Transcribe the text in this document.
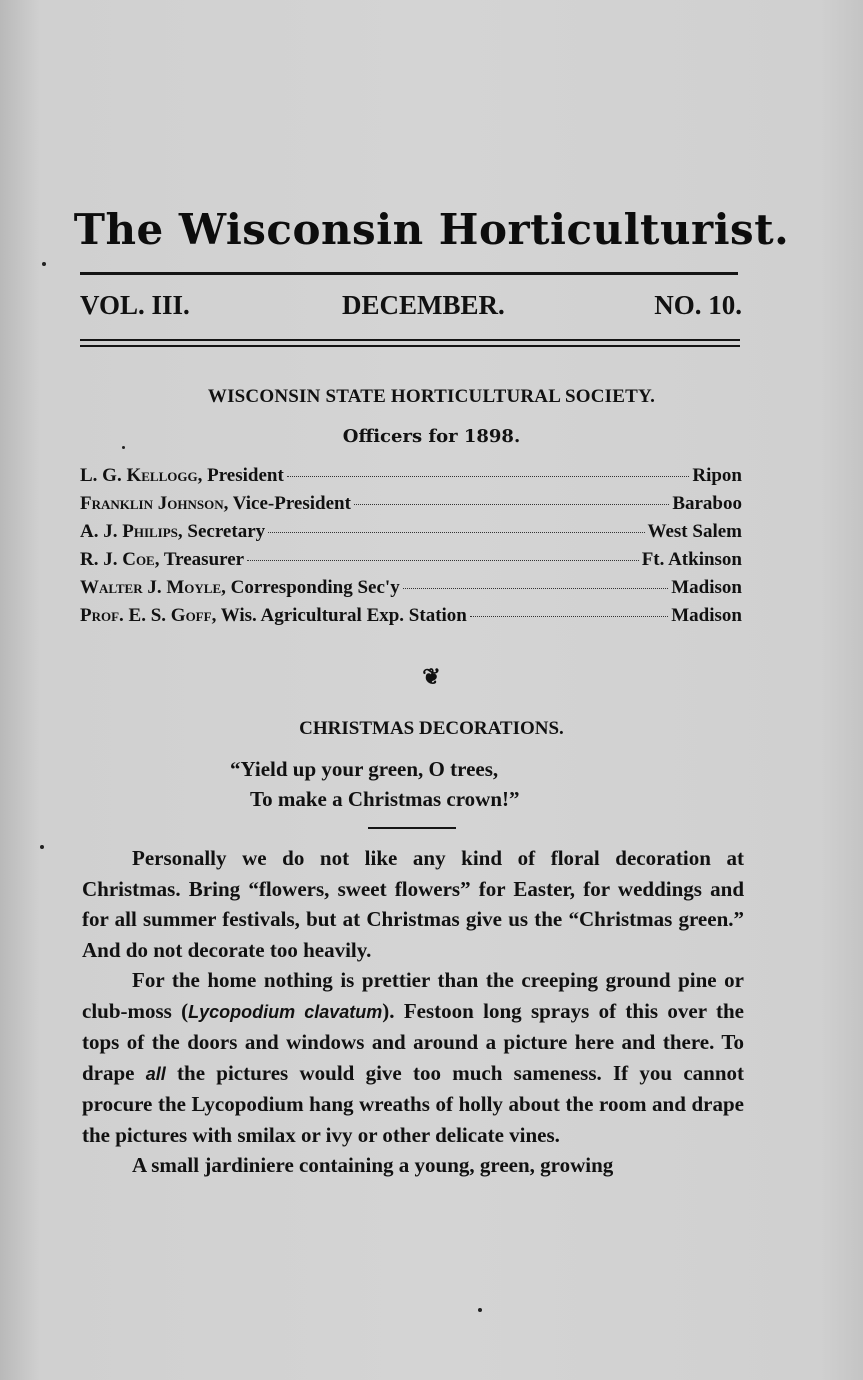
The Wisconsin Horticulturist.
VOL. III.	DECEMBER.	NO. 10.
WISCONSIN STATE HORTICULTURAL SOCIETY.
Officers for 1898.
L. G. Kellogg , President	Ripon
Franklin Johnson , Vice-President	Baraboo
A. J. Philips , Secretary	West Salem
R. J. Coe , Treasurer	Ft. Atkinson
Walter J. Moyle , Corresponding Sec'y	Madison
Prof. E. S. Goff , Wis. Agricultural Exp. Station	Madison
❦
CHRISTMAS DECORATIONS.
“Yield up your green, O trees,
To make a Christmas crown!”

Personally we do not like any kind of floral decoration at Christmas. Bring “flowers, sweet flowers” for Easter, for weddings and for all summer festivals, but at Christmas give us the “Christmas green.” And do not decorate too heavily.

For the home nothing is prettier than the creeping ground pine or club-moss (Lycopodium clavatum). Festoon long sprays of this over the tops of the doors and windows and around a picture here and there. To drape all the pictures would give too much sameness. If you cannot procure the Lycopodium hang wreaths of holly about the room and drape the pictures with smilax or ivy or other delicate vines.

A small jardiniere containing a young, green, growing
